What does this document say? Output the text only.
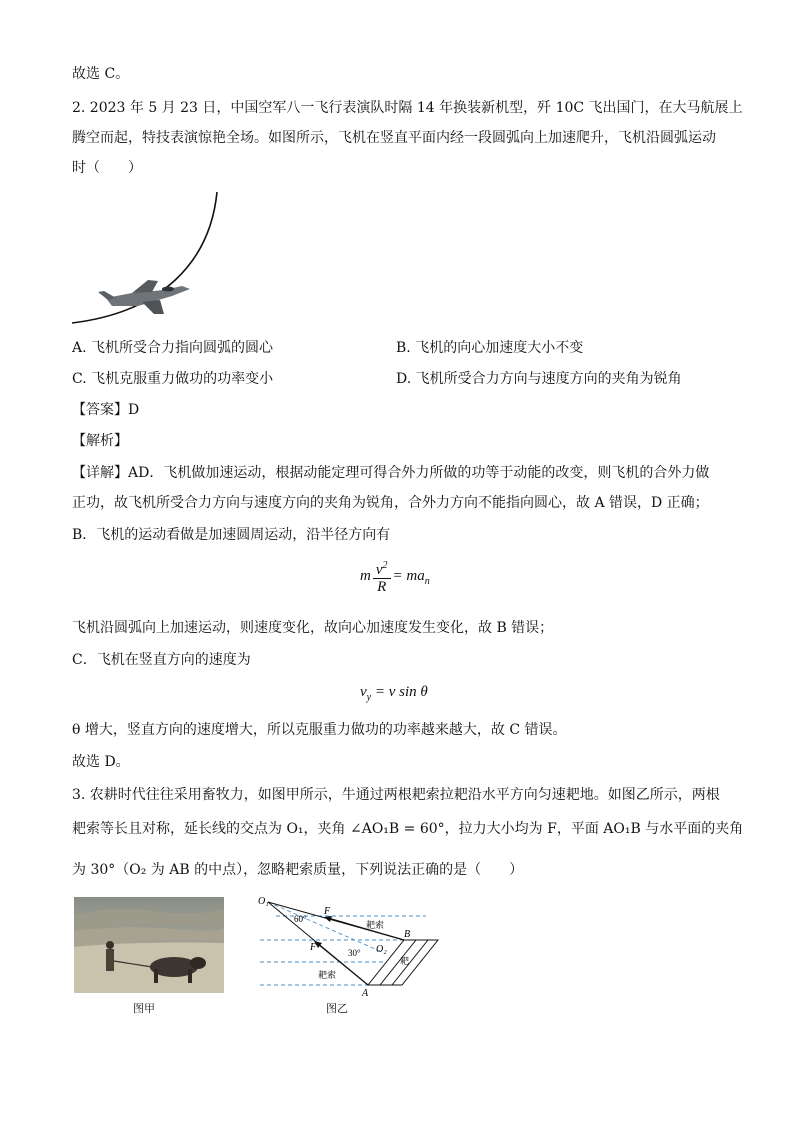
故选 C。
2. 2023 年 5 月 23 日，中国空军八一飞行表演队时隔 14 年换装新机型，歼 10C 飞出国门，在大马航展上
腾空而起，特技表演惊艳全场。如图所示，飞机在竖直平面内经一段圆弧向上加速爬升，飞机沿圆弧运动
时（　　）
A. 飞机所受合力指向圆弧的圆心	B. 飞机的向心加速度大小不变
C. 飞机克服重力做功的功率变小	D. 飞机所受合力方向与速度方向的夹角为锐角
【答案】D
【解析】
【详解】AD．飞机做加速运动，根据动能定理可得合外力所做的功等于动能的改变，则飞机的合外力做
正功，故飞机所受合力方向与速度方向的夹角为锐角，合外力方向不能指向圆心，故 A 错误，D 正确；
B．飞机的运动看做是加速圆周运动，沿半径方向有
m $\frac{v^2}{R} = ma_n$
飞机沿圆弧向上加速运动，则速度变化，故向心加速度发生变化，故 B 错误；
C．飞机在竖直方向的速度为
$v_y = v$ sin θ
θ 增大，竖直方向的速度增大，所以克服重力做功的功率越来越大，故 C 错误。
故选 D。
3. 农耕时代往往采用畜牧力，如图甲所示，牛通过两根耙索拉耙沿水平方向匀速耙地。如图乙所示，两根
耙索等长且对称，延长线的交点为 O₁，夹角 ∠AO₁B = 60°，拉力大小均为 F，平面 AO₁B 与水平面的夹角
为 30°（O₂ 为 AB 的中点），忽略耙索质量，下列说法正确的是（　　）
图甲
O₁
F
F
60°
30°
耙索
耙索
O₂
B
A
耙
图乙
